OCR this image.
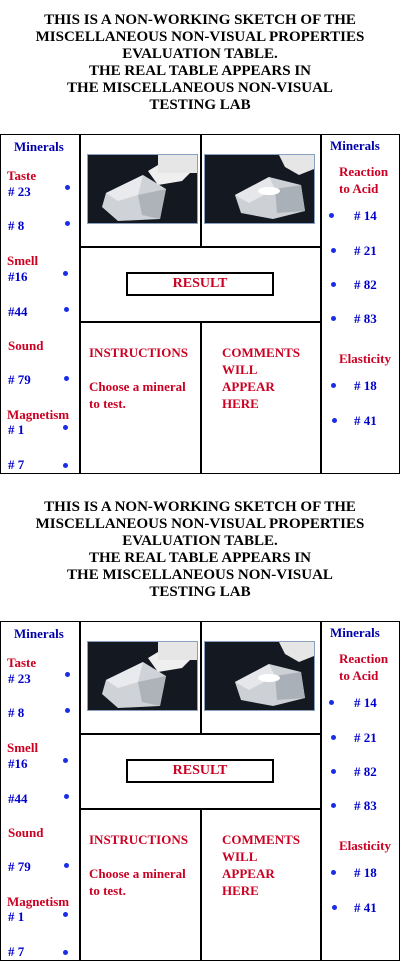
THIS IS A NON-WORKING SKETCH OF THE
MISCELLANEOUS NON-VISUAL PROPERTIES
EVALUATION TABLE.
THE REAL TABLE APPEARS IN
THE MISCELLANEOUS NON-VISUAL
TESTING LAB
Minerals
Taste
# 23
# 8
Smell
#16
#44
Sound
# 79
Magnetism
# 1
# 7
RESULT
INSTRUCTIONS
Choose a mineral
to test.
COMMENTS
WILL
APPEAR
HERE
Minerals
Reaction
to Acid
# 14
# 21
# 82
# 83
Elasticity
# 18
# 41
THIS IS A NON-WORKING SKETCH OF THE
MISCELLANEOUS NON-VISUAL PROPERTIES
EVALUATION TABLE.
THE REAL TABLE APPEARS IN
THE MISCELLANEOUS NON-VISUAL
TESTING LAB
Minerals
Taste
# 23
# 8
Smell
#16
#44
Sound
# 79
Magnetism
# 1
# 7
RESULT
INSTRUCTIONS
Choose a mineral
to test.
COMMENTS
WILL
APPEAR
HERE
Minerals
Reaction
to Acid
# 14
# 21
# 82
# 83
Elasticity
# 18
# 41
